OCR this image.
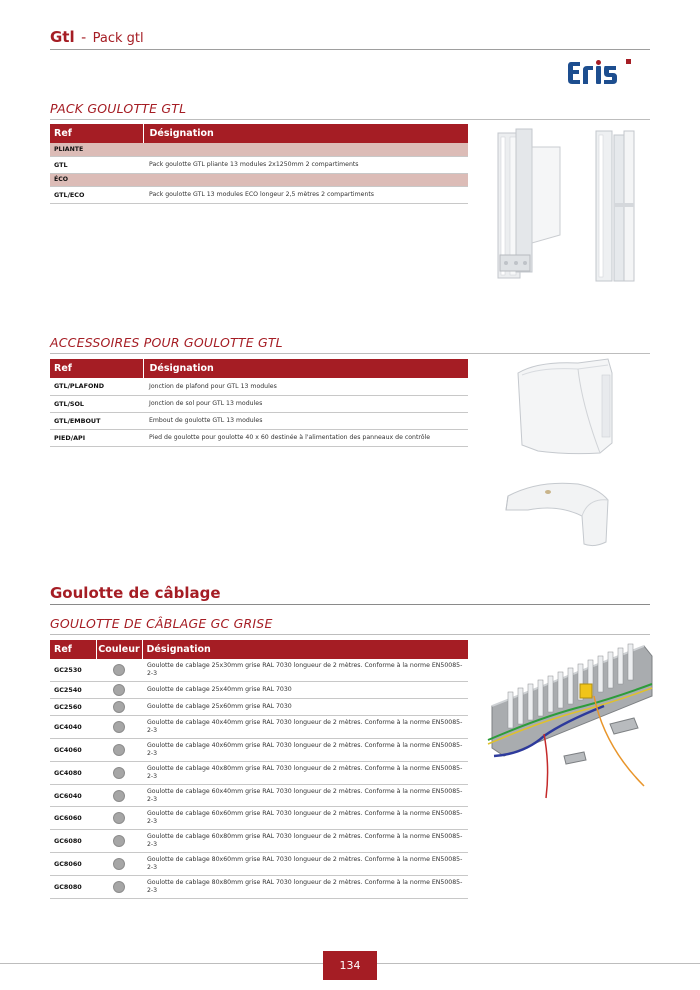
Gtl - Pack gtl
PACK GOULOTTE GTL
Ref	Désignation
PLIANTE	
GTL	Pack goulotte GTL pliante 13 modules 2x1250mm 2 compartiments
ÉCO	
GTL/ECO	Pack goulotte GTL 13 modules ECO longeur 2,5 mètres 2 compartiments
ACCESSOIRES POUR GOULOTTE GTL
Ref	Désignation
GTL/PLAFOND	Jonction de plafond pour GTL 13 modules
GTL/SOL	Jonction de sol pour GTL 13 modules
GTL/EMBOUT	Embout de goulotte GTL 13 modules
PIED/API	Pied de goulotte pour goulotte 40 x 60 destinée à l'alimentation des panneaux de contrôle
Goulotte de câblage
GOULOTTE DE CÂBLAGE GC GRISE
Ref	Couleur	Désignation
GC2530		Goulotte de cablage 25x30mm grise RAL 7030 longueur de 2 mètres. Conforme à la norme EN50085-2-3
GC2540		Goulotte de cablage 25x40mm grise RAL 7030
GC2560		Goulotte de cablage 25x60mm grise RAL 7030
GC4040		Goulotte de cablage 40x40mm grise RAL 7030 longueur de 2 mètres. Conforme à la norme EN50085-2-3
GC4060		Goulotte de cablage 40x60mm grise RAL 7030 longueur de 2 mètres. Conforme à la norme EN50085-2-3
GC4080		Goulotte de cablage 40x80mm grise RAL 7030 longueur de 2 mètres. Conforme à la norme EN50085-2-3
GC6040		Goulotte de cablage 60x40mm grise RAL 7030 longueur de 2 mètres. Conforme à la norme EN50085-2-3
GC6060		Goulotte de cablage 60x60mm grise RAL 7030 longueur de 2 mètres. Conforme à la norme EN50085-2-3
GC6080		Goulotte de cablage 60x80mm grise RAL 7030 longueur de 2 mètres. Conforme à la norme EN50085-2-3
GC8060		Goulotte de cablage 80x60mm grise RAL 7030 longueur de 2 mètres. Conforme à la norme EN50085-2-3
GC8080		Goulotte de cablage 80x80mm grise RAL 7030 longueur de 2 mètres. Conforme à la norme EN50085-2-3
134
